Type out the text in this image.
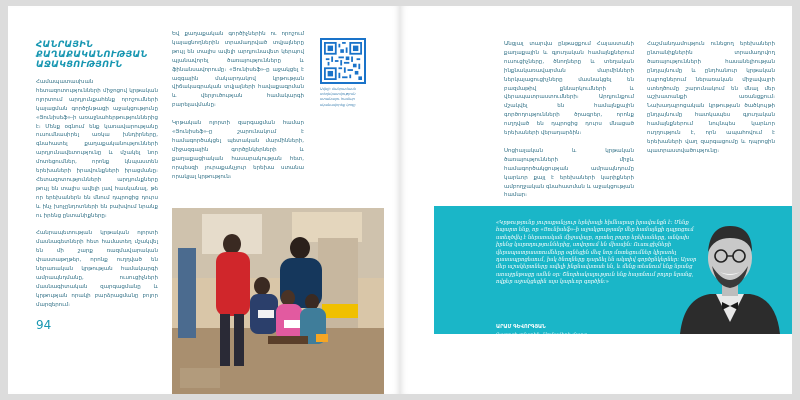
ՀԱՆՐԱՅԻՆ ՔԱՂԱՔԱԿԱՆՈՒԹՅԱՆ ԱՋԱԿՑՈՒԹՅՈՒՆ

Համապատասխան հետազոտությունների միջոցով կրթական ոլորտում արդյունքահենք որոշումների կայացման գործընթացի աջակցությունը «Յունիսեֆ»-ի առաջնահերթություններից է։ Մենք օգնում ենք կառավարությանը ուսումնասիրել առկա խնդիրները, գնահատել քաղաքականությունների արդյունավետությունը և մշակել նոր մոտեցումներ, որոնք կնպաստեն երեխաների իրավունքների իրացմանը։ Հետազոտությունների արդյունքները թույլ են տալիս ավելի լավ հասկանալ, թե որ երեխաներն են մնում դպրոցից դուրս և ինչ խոչընդոտների են բախվում նրանք ու իրենց ընտանիքները։

Հանրապետության կրթական ոլորտի մասնագետների հետ համատեղ մշակվել են մի շարք ռազմավարական փաստաթղթեր, որոնք ուղղված են ներառական կրթության համակարգի ամրապնդմանը, ուսուցիչների մասնագիտական զարգացմանը և կրթության որակի բարձրացմանը բոլոր մարզերում։

Եվ քաղաքական գործիչներին ու որոշում կայացնողներին տրամադրված տվյալները թույլ են տալիս ավելի արդյունավետ կերպով պլանավորել ծառայությունները և ֆինանսավորումը։ «Յունիսեֆ»-ը աջակցել է ազգային մակարդակով կրթության վիճակագրական տվյալների հավաքագրման և վերլուծության համակարգի բարելավմանը։

Կրթական ոլորտի զարգացման համար «Յունիսեֆ»-ը շարունակում է համագործակցել պետական մարմինների, միջազգային գործընկերների և քաղաքացիական հասարակության հետ, որպեսզի յուրաքանչյուր երեխա ստանա որակյալ կրթություն։

Ավելի մանրամասն տեղեկատվություն ստանալու համար սկանավորեք կոդը
94

Անցյալ տարվա ընթացքում Հայաստանի քաղաքային և գյուղական համայնքներում ուսուցիչները, ծնողները և տեղական ինքնակառավարման մարմինների ներկայացուցիչները մասնակցել են բազմաթիվ քննարկումների և վերապատրաստումների։ Արդյունքում մշակվել են համայնքային գործողությունների ծրագրեր, որոնք ուղղված են դպրոցից դուրս մնացած երեխաների վերադարձին։

Սոցիալական և կրթական ծառայությունների միջև համագործակցության ամրապնդումը կարևոր քայլ է երեխաների կարիքների ամբողջական գնահատման և աջակցության համար։

Հաշմանդամություն ունեցող երեխաների ընտանիքներին տրամադրվող ծառայությունների հասանելիության ընդլայնումը և ընդհանուր կրթական դպրոցներում ներառական միջավայրի ստեղծումը շարունակում են մնալ մեր աշխատանքի առանցքում։ Նախադպրոցական կրթության ծածկույթի ընդլայնումը հատկապես գյուղական համայնքներում նույնպես կարևոր ուղղություն է, որն ապահովում է երեխաների վաղ զարգացումը և դպրոցին պատրաստվածությունը։

«Կրթությունը յուրաքանչյուր երեխայի հիմնարար իրավունքն է։ Մենք հպարտ ենք, որ «Յունիսեֆ»-ի աջակցությամբ մեր համայնքի դպրոցում ստեղծվել է ներառական միջավայր, որտեղ բոլոր երեխաները, անկախ իրենց կարողություններից, սովորում են միասին։ Ուսուցիչների վերապատրաստումները օգնեցին մեզ նոր մոտեցումներ կիրառել դասապրոցեսում, իսկ ծնողները դարձել են ակտիվ գործընկերներ։ Այսօր մեր աշակերտները ավելի ինքնավստահ են, և մենք տեսնում ենք նրանց առաջընթացը ամեն օր։ Շնորհակալություն ենք հայտնում բոլոր նրանց, ովքեր աջակցեցին այս կարևոր գործին։»
ԱՐԱՄ ԳԵՎՈՐԳՅԱՆ
Դպրոցի տնօրեն, Արմավիրի մարզ
